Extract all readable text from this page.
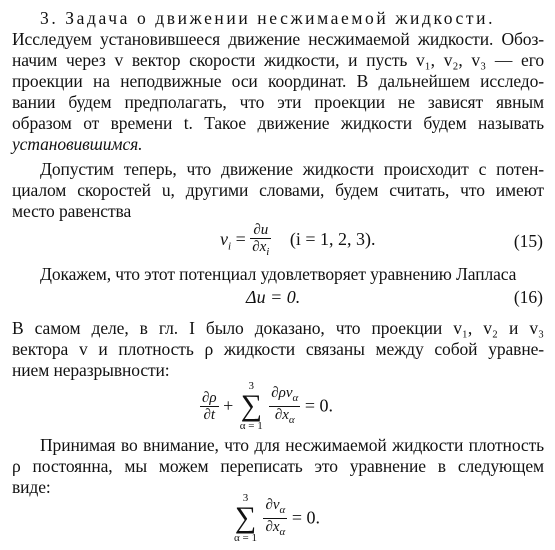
3. Задача о движении несжимаемой жидкости.
Исследуем установившееся движение несжимаемой жидкости. Обоз-
начим через v вектор скорости жидкости, и пусть v₁, v₂, v₃ — его
проекции на неподвижные оси координат. В дальнейшем исследо-
вании будем предполагать, что эти проекции не зависят явным
образом от времени t. Такое движение жидкости будем называть
установившимся.
Допустим теперь, что движение жидкости происходит с потен-
циалом скоростей u, другими словами, будем считать, что имеют
место равенства
$v_i = \frac{\partial u}{\partial x_i} (i = 1$, 2, 3).	(15)
Докажем, что этот потенциал удовлетворяет уравнению Лапласа
Δu = 0.	(16)
В самом деле, в гл. I было доказано, что проекции v₁, v₂ и v₃
вектора v и плотность ρ жидкости связаны между собой уравне-
нием неразрывности:
$\frac{\partial\rho}{\partial t}$ +
3
∑
α = 1
$\frac{\partial\rho v_\alpha}{\partial x_\alpha} = 0$.
Принимая во внимание, что для несжимаемой жидкости плотность
ρ постоянна, мы можем переписать это уравнение в следующем
виде:
3
∑
α = 1
$\frac{\partial v_\alpha}{\partial x_\alpha} = 0$.
